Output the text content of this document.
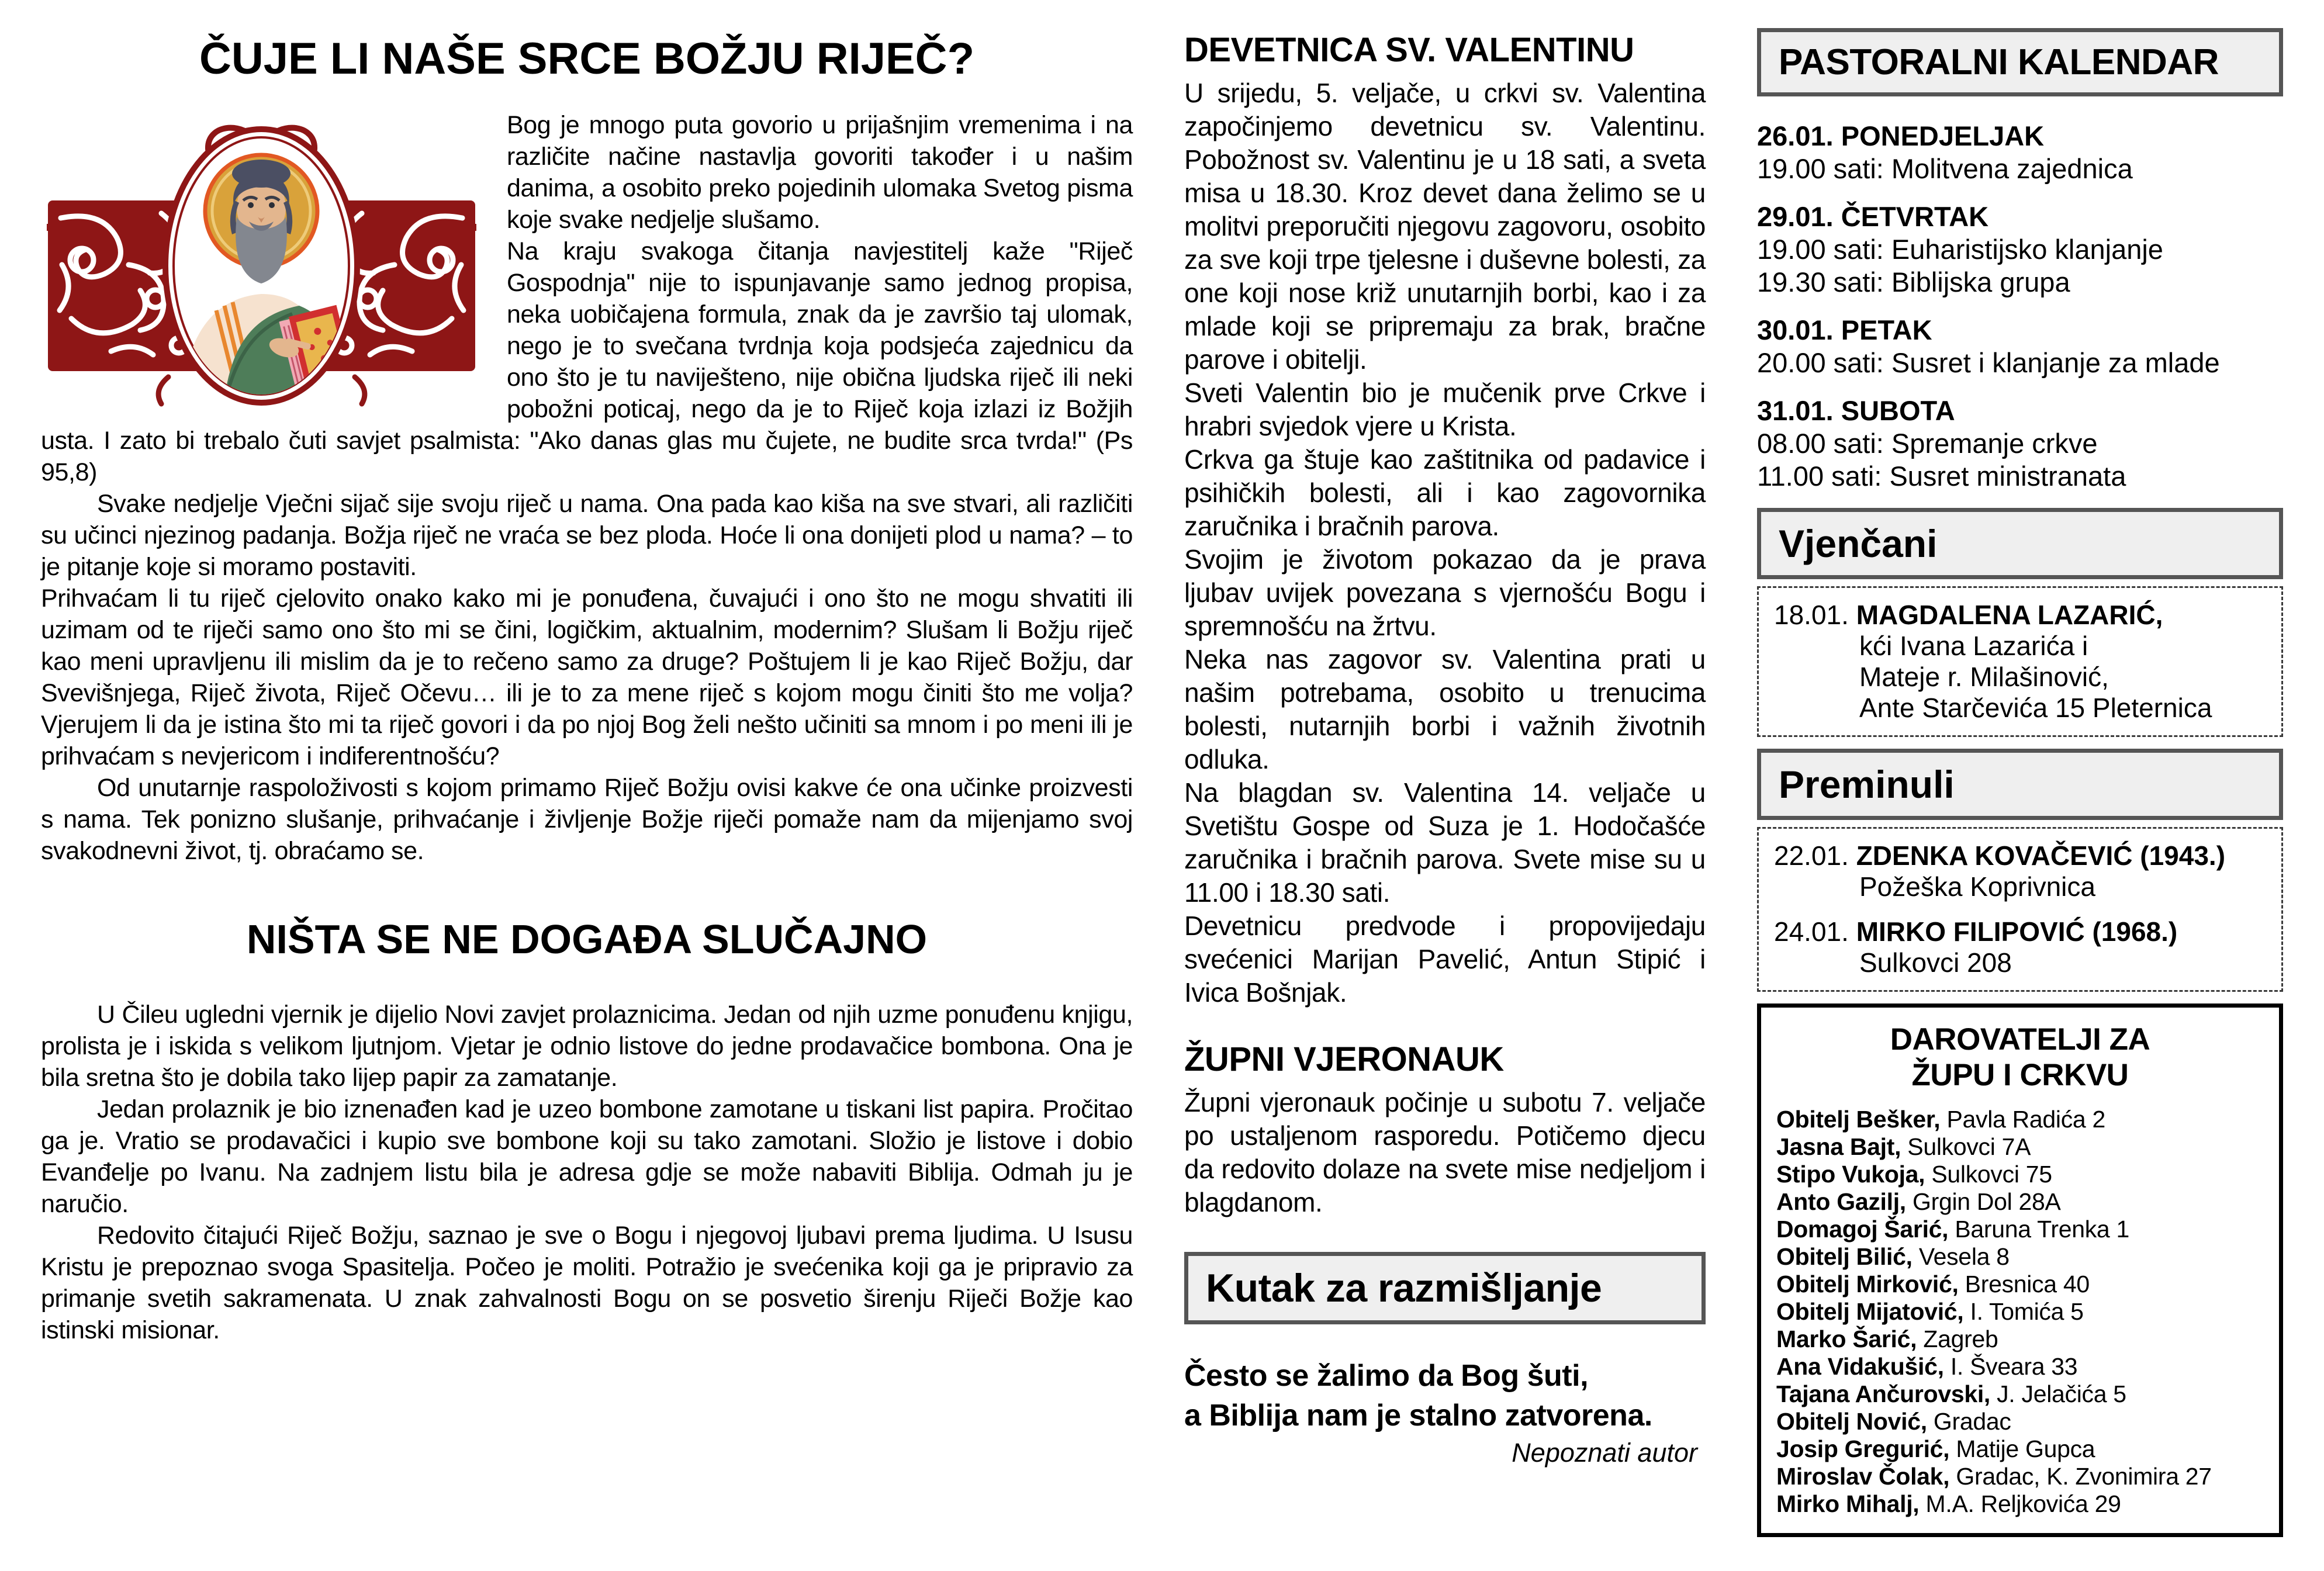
ČUJE LI NAŠE SRCE BOŽJU RIJEČ?

Bog je mnogo puta govorio u prijašnjim vremenima i na različite načine nastavlja govoriti također i u našim danima, a osobito preko pojedinih ulomaka Svetog pisma koje svake nedjelje slušamo.

Na kraju svakoga čitanja navjestitelj kaže "Riječ Gospodnja" nije to ispunjavanje samo jednog propisa, neka uobičajena formula, znak da je završio taj ulomak, nego je to svečana tvrdnja koja podsjeća zajednicu da ono što je tu naviješteno, nije obična ljudska riječ ili neki pobožni poticaj, nego da je to Riječ koja izlazi iz Božjih usta. I zato bi trebalo čuti savjet psalmista: "Ako danas glas mu čujete, ne budite srca tvrda!" (Ps 95,8)

Svake nedjelje Vječni sijač sije svoju riječ u nama. Ona pada kao kiša na sve stvari, ali različiti su učinci njezinog padanja. Božja riječ ne vraća se bez ploda. Hoće li ona donijeti plod u nama? – to je pitanje koje si moramo postaviti.

Prihvaćam li tu riječ cjelovito onako kako mi je ponuđena, čuvajući i ono što ne mogu shvatiti ili uzimam od te riječi samo ono što mi se čini, logičkim, aktualnim, modernim? Slušam li Božju riječ kao meni upravljenu ili mislim da je to rečeno samo za druge? Poštujem li je kao Riječ Božju, dar Svevišnjega, Riječ života, Riječ Očevu… ili je to za mene riječ s kojom mogu činiti što me volja? Vjerujem li da je istina što mi ta riječ govori i da po njoj Bog želi nešto učiniti sa mnom i po meni ili je prihvaćam s nevjericom i indiferentnošću?

Od unutarnje raspoloživosti s kojom primamo Riječ Božju ovisi kakve će ona učinke proizvesti s nama. Tek ponizno slušanje, prihvaćanje i življenje Božje riječi pomaže nam da mijenjamo svoj svakodnevni život, tj. obraćamo se.

NIŠTA SE NE DOGAĐA SLUČAJNO

U Čileu ugledni vjernik je dijelio Novi zavjet prolaznicima. Jedan od njih uzme ponuđenu knjigu, prolista je i iskida s velikom ljutnjom. Vjetar je odnio listove do jedne prodavačice bombona. Ona je bila sretna što je dobila tako lijep papir za zamatanje.

Jedan prolaznik je bio iznenađen kad je uzeo bombone zamotane u tiskani list papira. Pročitao ga je. Vratio se prodavačici i kupio sve bombone koji su tako zamotani. Složio je listove i dobio Evanđelje po Ivanu. Na zadnjem listu bila je adresa gdje se može nabaviti Biblija. Odmah ju je naručio.

Redovito čitajući Riječ Božju, saznao je sve o Bogu i njegovoj ljubavi prema ljudima. U Isusu Kristu je prepoznao svoga Spasitelja. Počeo je moliti. Potražio je svećenika koji ga je pripravio za primanje svetih sakramenata. U znak zahvalnosti Bogu on se posvetio širenju Riječi Božje kao istinski misionar.

DEVETNICA SV. VALENTINU

U srijedu, 5. veljače, u crkvi sv. Valentina započinjemo devetnicu sv. Valentinu. Pobožnost sv. Valentinu je u 18 sati, a sveta misa u 18.30. Kroz devet dana želimo se u molitvi preporučiti njegovu zagovoru, osobito za sve koji trpe tjelesne i duševne bolesti, za one koji nose križ unutarnjih borbi, kao i za mlade koji se pripremaju za brak, bračne parove i obitelji.

Sveti Valentin bio je mučenik prve Crkve i hrabri svjedok vjere u Krista.

Crkva ga štuje kao zaštitnika od padavice i psihičkih bolesti, ali i kao zagovornika zaručnika i bračnih parova.

Svojim je životom pokazao da je prava ljubav uvijek povezana s vjernošću Bogu i spremnošću na žrtvu.

Neka nas zagovor sv. Valentina prati u našim potrebama, osobito u trenucima bolesti, nutarnjih borbi i važnih životnih odluka.

Na blagdan sv. Valentina 14. veljače u Svetištu Gospe od Suza je 1. Hodočašće zaručnika i bračnih parova. Svete mise su u 11.00 i 18.30 sati.

Devetnicu predvode i propovijedaju svećenici Marijan Pavelić, Antun Stipić i Ivica Bošnjak.

ŽUPNI VJERONAUK

Župni vjeronauk počinje u subotu 7. veljače po ustaljenom rasporedu. Potičemo djecu da redovito dolaze na svete mise nedjeljom i blagdanom.

Kutak za razmišljanje
Često se žalimo da Bog šuti,
a Biblija nam je stalno zatvorena.
Nepoznati autor
PASTORALNI KALENDAR
26.01. PONEDJELJAK
19.00 sati: Molitvena zajednica
29.01. ČETVRTAK
19.00 sati: Euharistijsko klanjanje
19.30 sati: Biblijska grupa
30.01. PETAK
20.00 sati: Susret i klanjanje za mlade
31.01. SUBOTA
08.00 sati: Spremanje crkve
11.00 sati: Susret ministranata
Vjenčani
18.01. MAGDALENA LAZARIĆ,
kći Ivana Lazarića i
Mateje r. Milašinović,
Ante Starčevića 15 Pleternica
Preminuli
22.01. ZDENKA KOVAČEVIĆ (1943.)
Požeška Koprivnica
24.01. MIRKO FILIPOVIĆ (1968.)
Sulkovci 208
DAROVATELJI ZA
ŽUPU I CRKVU
Obitelj Bešker, Pavla Radića 2
Jasna Bajt, Sulkovci 7A
Stipo Vukoja, Sulkovci 75
Anto Gazilj, Grgin Dol 28A
Domagoj Šarić, Baruna Trenka 1
Obitelj Bilić, Vesela 8
Obitelj Mirković, Bresnica 40
Obitelj Mijatović, I. Tomića 5
Marko Šarić, Zagreb
Ana Vidakušić, I. Šveara 33
Tajana Ančurovski, J. Jelačića 5
Obitelj Nović, Gradac
Josip Gregurić, Matije Gupca
Miroslav Čolak, Gradac, K. Zvonimira 27
Mirko Mihalj, M.A. Reljkovića 29
